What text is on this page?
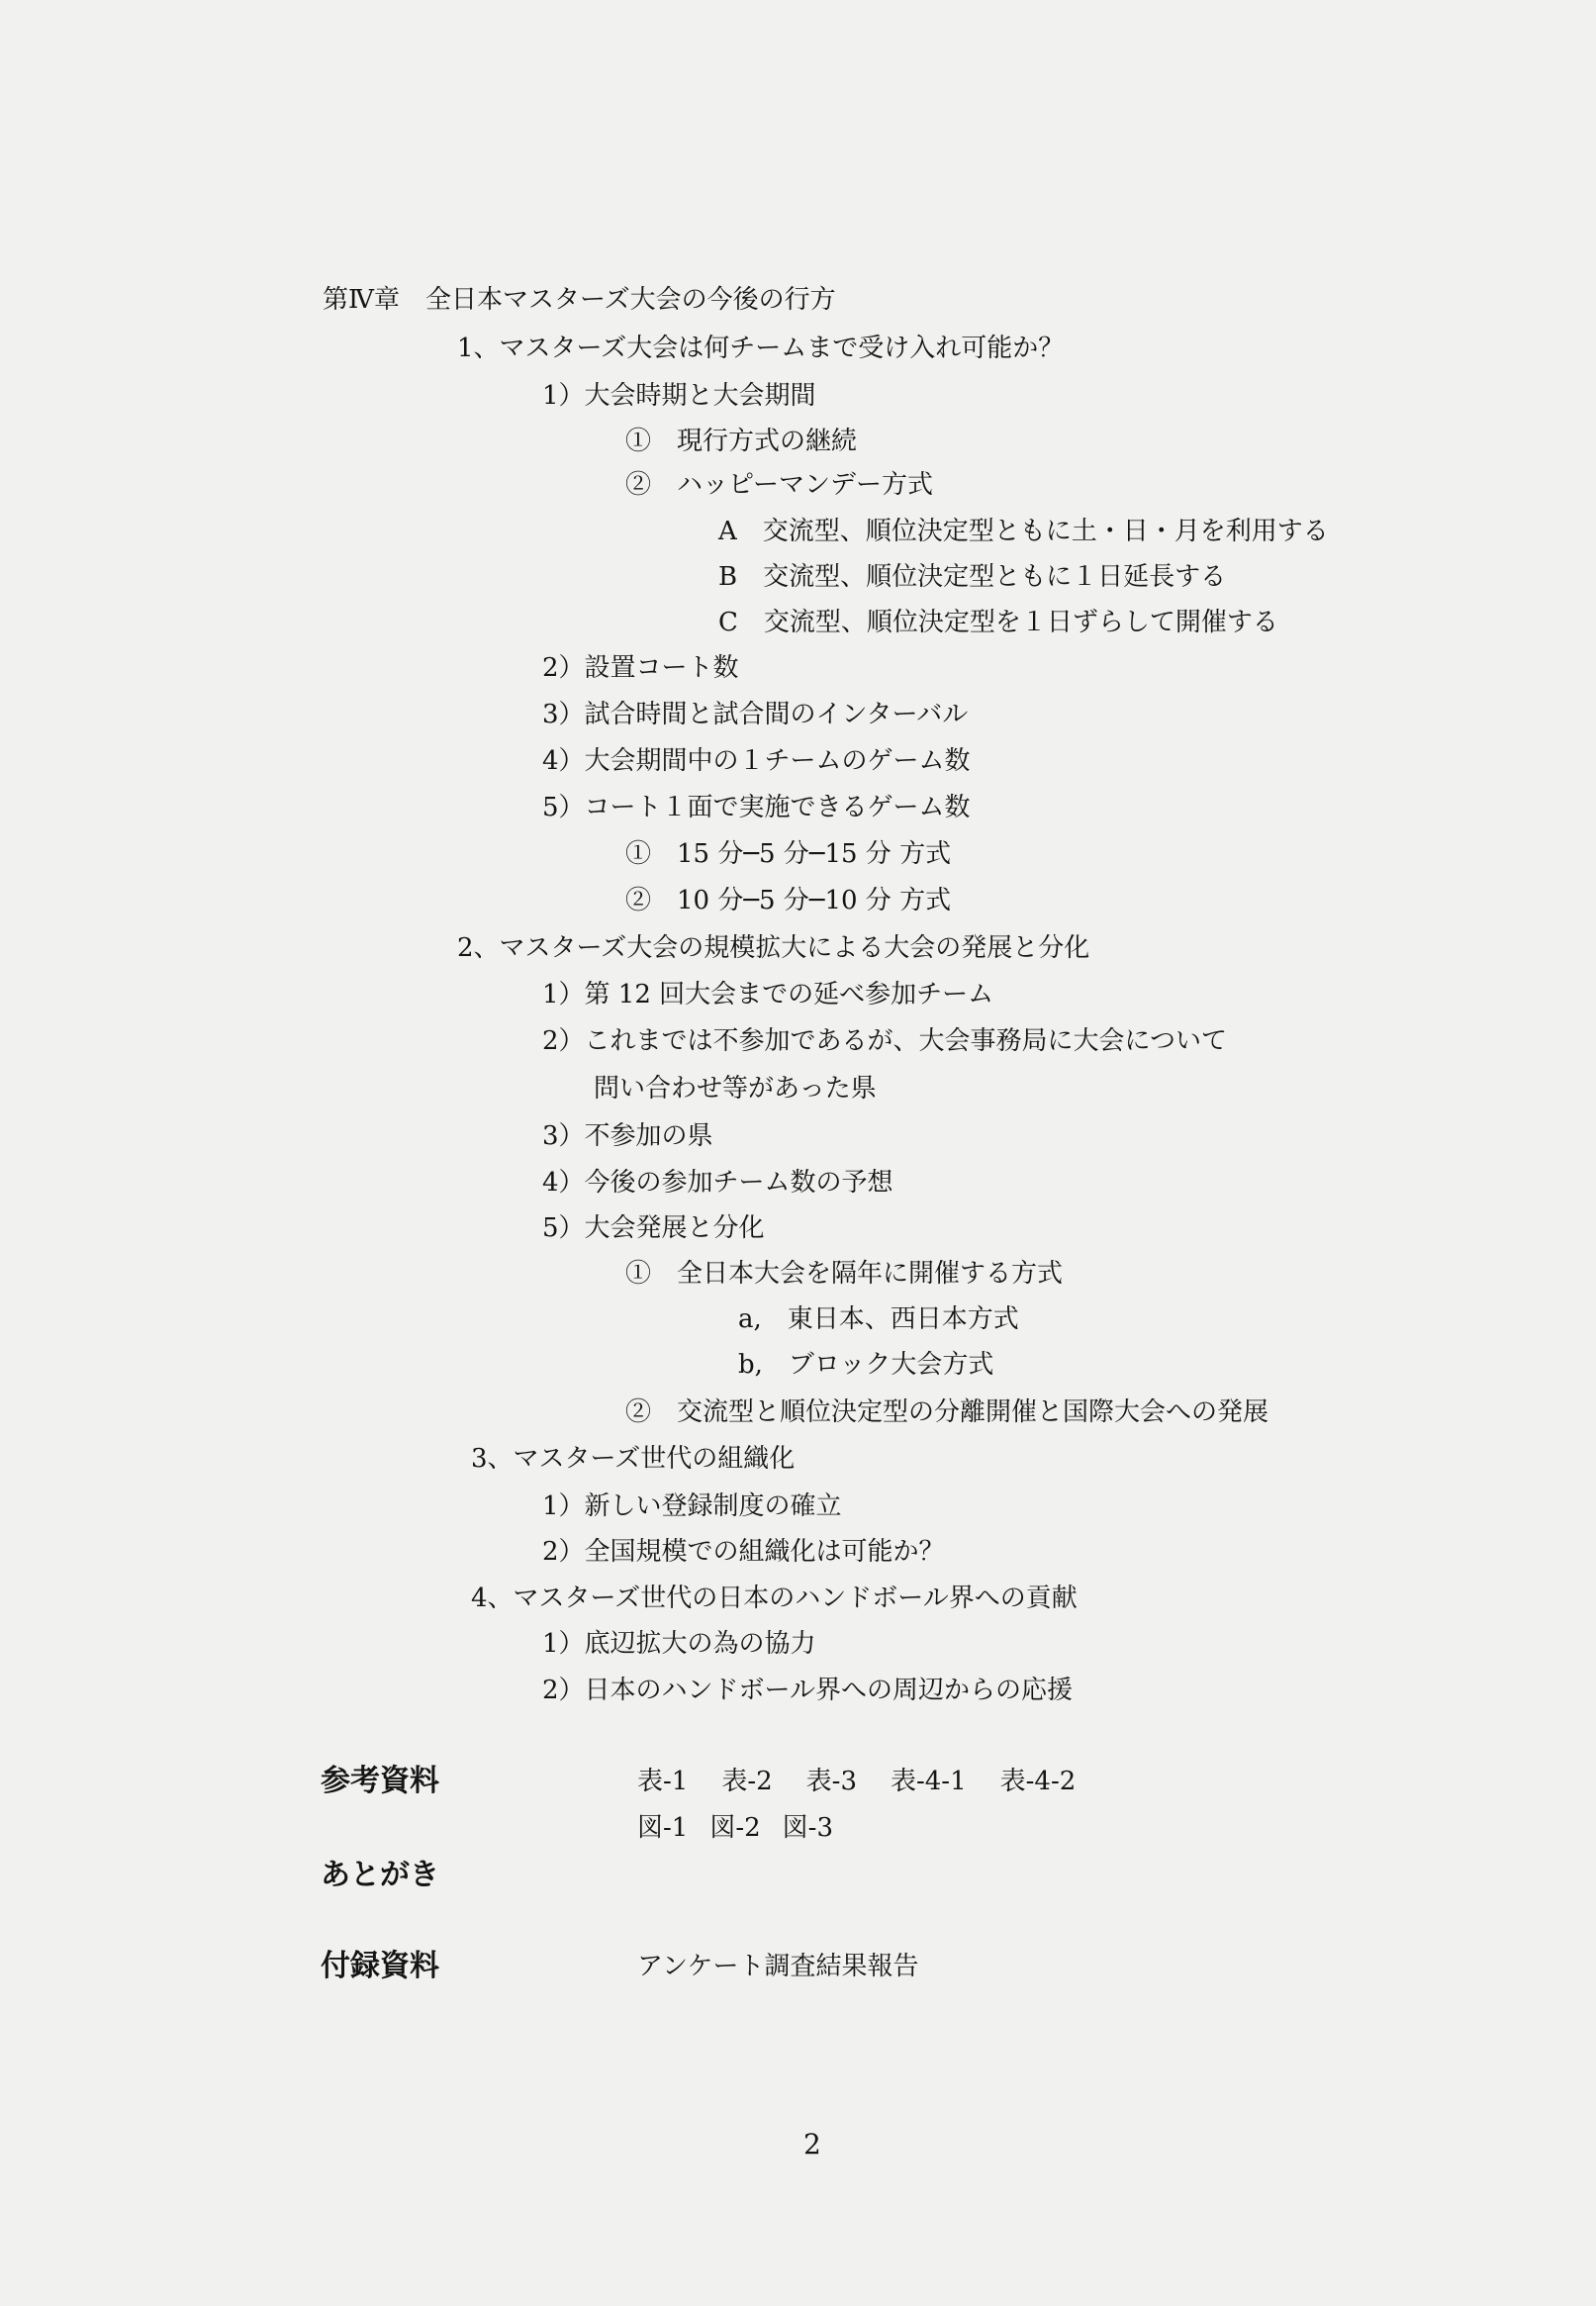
第Ⅳ章　全日本マスターズ大会の今後の行方
1、マスターズ大会は何チームまで受け入れ可能か？
1）大会時期と大会期間
①　現行方式の継続
②　ハッピーマンデー方式
A　交流型、順位決定型ともに土・日・月を利用する
B　交流型、順位決定型ともに１日延長する
C　交流型、順位決定型を１日ずらして開催する
2）設置コート数
3）試合時間と試合間のインターバル
4）大会期間中の１チームのゲーム数
5）コート１面で実施できるゲーム数
①　15 分─5 分─15 分 方式
②　10 分─5 分─10 分 方式
2、マスターズ大会の規模拡大による大会の発展と分化
1）第 12 回大会までの延べ参加チーム
2）これまでは不参加であるが、大会事務局に大会について
問い合わせ等があった県
3）不参加の県
4）今後の参加チーム数の予想
5）大会発展と分化
①　全日本大会を隔年に開催する方式
a,　東日本、西日本方式
b,　ブロック大会方式
②　交流型と順位決定型の分離開催と国際大会への発展
3、マスターズ世代の組織化
1）新しい登録制度の確立
2）全国規模での組織化は可能か？
4、マスターズ世代の日本のハンドボール界への貢献
1）底辺拡大の為の協力
2）日本のハンドボール界への周辺からの応援
参考資料	表-1 表-2 表-3 表-4-1 表-4-2
図-1 図-2 図-3
あとがき
付録資料	アンケート調査結果報告
2
